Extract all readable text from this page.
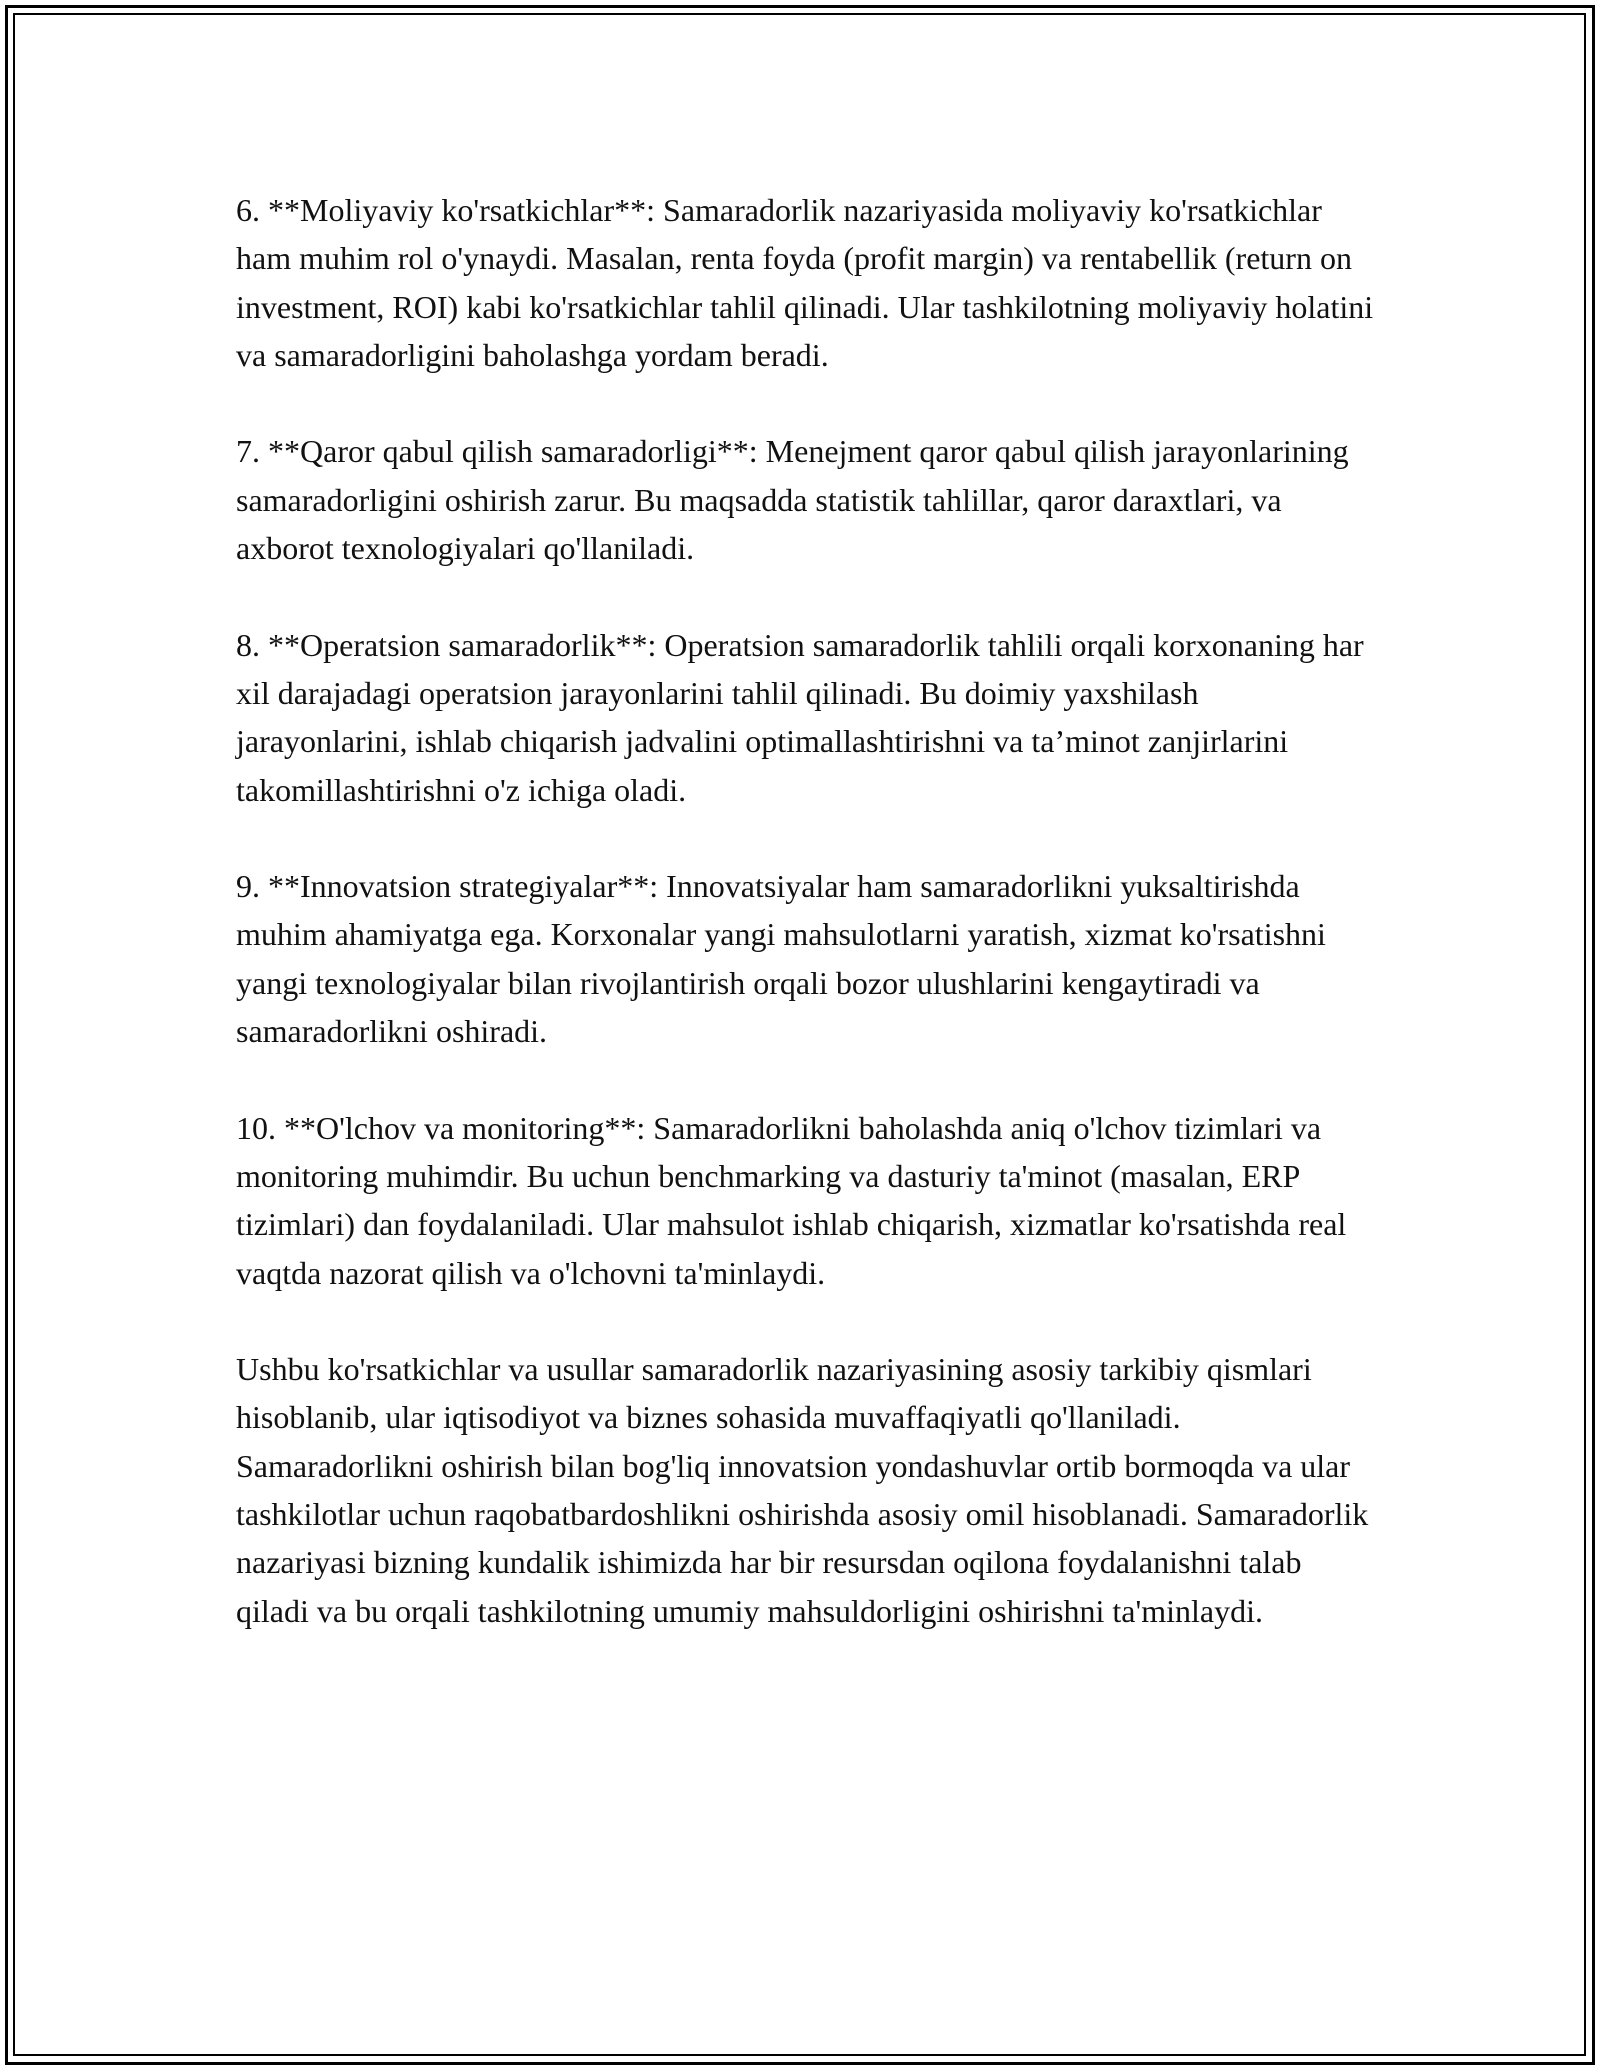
6. **Moliyaviy ko'rsatkichlar**: Samaradorlik nazariyasida moliyaviy ko'rsatkichlar ham muhim rol o'ynaydi. Masalan, renta foyda (profit margin) va rentabellik (return on investment, ROI) kabi ko'rsatkichlar tahlil qilinadi. Ular tashkilotning moliyaviy holatini va samaradorligini baholashga yordam beradi.

7. **Qaror qabul qilish samaradorligi**: Menejment qaror qabul qilish jarayonlarining samaradorligini oshirish zarur. Bu maqsadda statistik tahlillar, qaror daraxtlari, va axborot texnologiyalari qo'llaniladi.

8. **Operatsion samaradorlik**: Operatsion samaradorlik tahlili orqali korxonaning har xil darajadagi operatsion jarayonlarini tahlil qilinadi. Bu doimiy yaxshilash jarayonlarini, ishlab chiqarish jadvalini optimallashtirishni va ta’minot zanjirlarini takomillashtirishni o'z ichiga oladi.

9. **Innovatsion strategiyalar**: Innovatsiyalar ham samaradorlikni yuksaltirishda muhim ahamiyatga ega. Korxonalar yangi mahsulotlarni yaratish, xizmat ko'rsatishni yangi texnologiyalar bilan rivojlantirish orqali bozor ulushlarini kengaytiradi va samaradorlikni oshiradi.

10. **O'lchov va monitoring**: Samaradorlikni baholashda aniq o'lchov tizimlari va monitoring muhimdir. Bu uchun benchmarking va dasturiy ta'minot (masalan, ERP tizimlari) dan foydalaniladi. Ular mahsulot ishlab chiqarish, xizmatlar ko'rsatishda real vaqtda nazorat qilish va o'lchovni ta'minlaydi.

Ushbu ko'rsatkichlar va usullar samaradorlik nazariyasining asosiy tarkibiy qismlari hisoblanib, ular iqtisodiyot va biznes sohasida muvaffaqiyatli qo'llaniladi. Samaradorlikni oshirish bilan bog'liq innovatsion yondashuvlar ortib bormoqda va ular tashkilotlar uchun raqobatbardoshlikni oshirishda asosiy omil hisoblanadi. Samaradorlik nazariyasi bizning kundalik ishimizda har bir resursdan oqilona foydalanishni talab qiladi va bu orqali tashkilotning umumiy mahsuldorligini oshirishni ta'minlaydi.
